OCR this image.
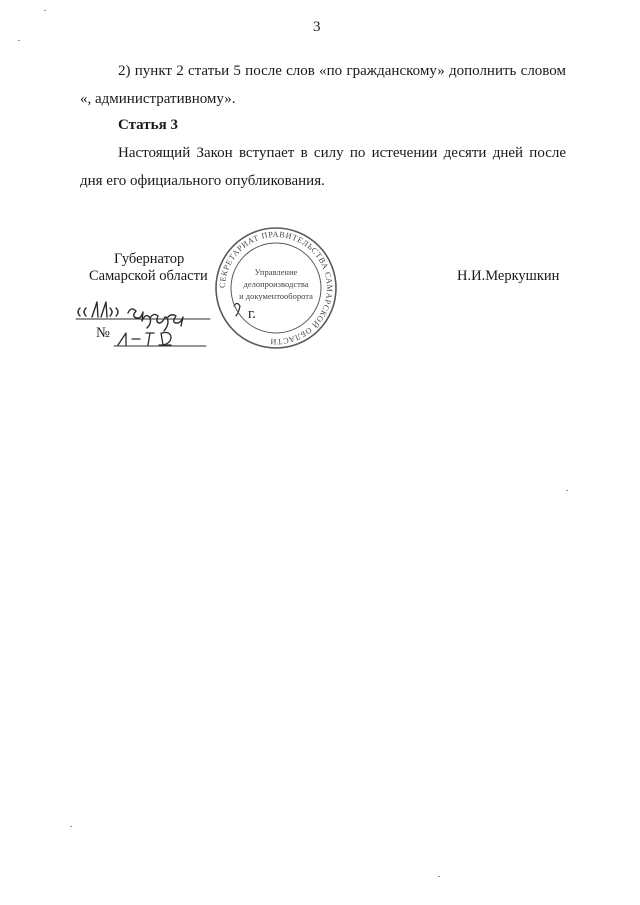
3

2) пункт 2 статьи 5 после слов «по гражданскому» дополнить словом «, административному».

Статья 3

Настоящий Закон вступает в силу по истечении десяти дней после дня его официального опубликования.

Губернатор
Самарской области	Н.И.Меркушкин
г.
№
СЕКРЕТАРИАТ ПРАВИТЕЛЬСТВА САМАРСКОЙ ОБЛАСТИ
Управление
делопроизводства
и документооборота
